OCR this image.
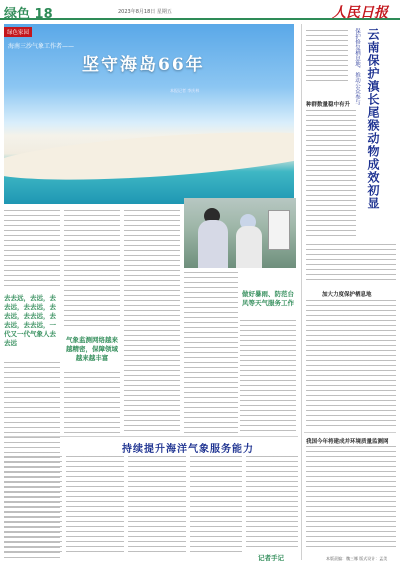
绿色 18	2023年8月18日 星期五	人民日报
绿色家园
海南三沙气象工作者——
坚守海岛66年
本报记者 李庆林
去去远，去远，去去远，去去远，去去远，去去远，去去远，去去远，一代又一代气象人去去远	气象监测网络越来越精密，保障领域越来越丰富
做好暴雨、防范台风等天气服务工作
持续提升海洋气象服务能力
记者手记
保护修复栖息地、推动公众参与 云南保护滇长尾猴动物成效初显
种群数量稳中有升
加大力度保护栖息地
我国今年将建成并环境质量监测网
本版责编：魏三娜 版式设计：孟美
